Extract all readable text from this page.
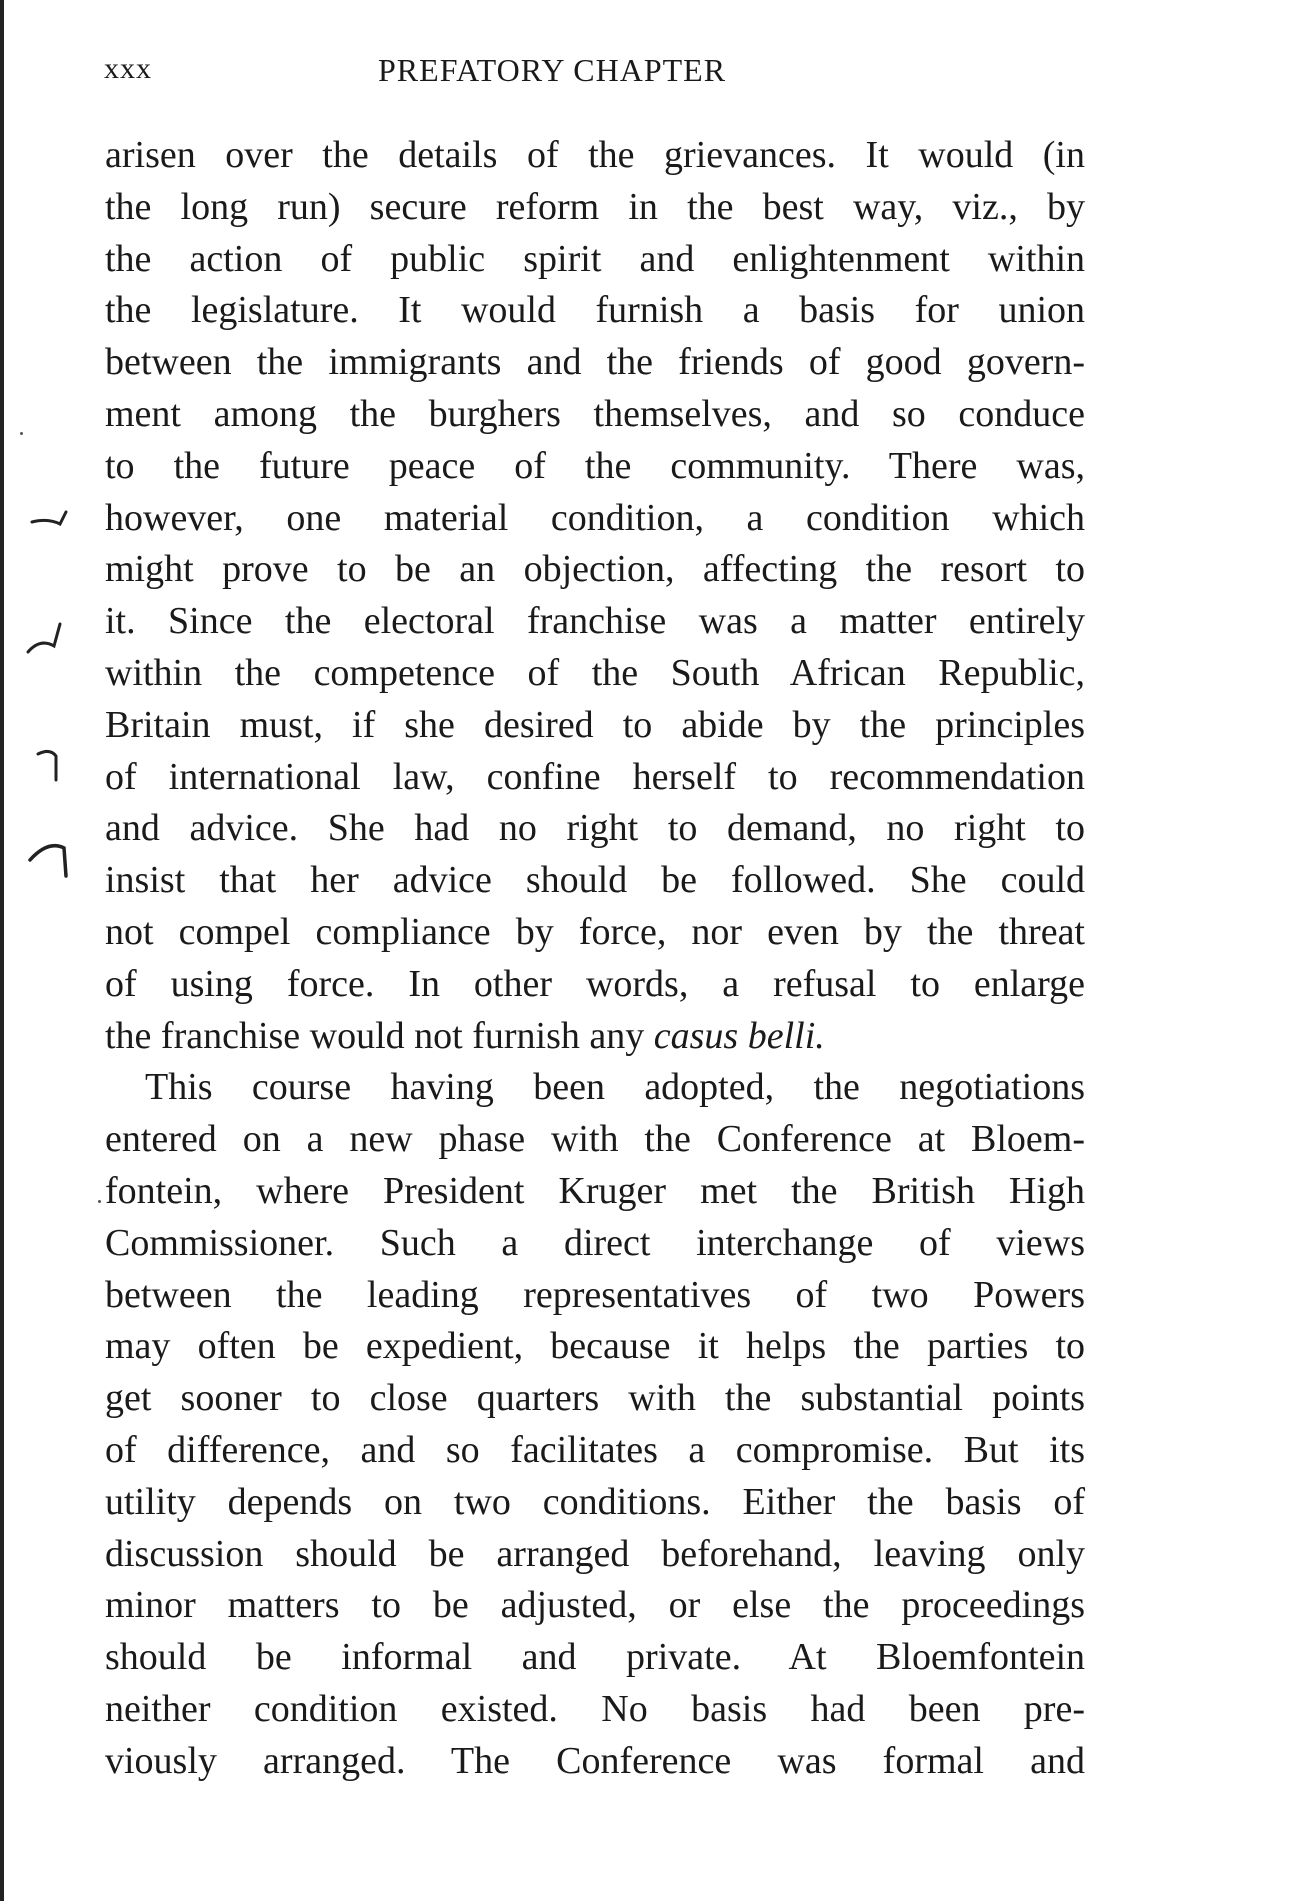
xxx	PREFATORY CHAPTER
arisen over the details of the grievances. It would (in
the long run) secure reform in the best way, viz., by
the action of public spirit and enlightenment within
the legislature. It would furnish a basis for union
between the immigrants and the friends of good govern-
ment among the burghers themselves, and so conduce
to the future peace of the community. There was,
however, one material condition, a condition which
might prove to be an objection, affecting the resort to
it. Since the electoral franchise was a matter entirely
within the competence of the South African Republic,
Britain must, if she desired to abide by the principles
of international law, confine herself to recommendation
and advice. She had no right to demand, no right to
insist that her advice should be followed. She could
not compel compliance by force, nor even by the threat
of using force. In other words, a refusal to enlarge
the franchise would not furnish any casus belli.
This course having been adopted, the negotiations
entered on a new phase with the Conference at Bloem-
fontein, where President Kruger met the British High
Commissioner. Such a direct interchange of views
between the leading representatives of two Powers
may often be expedient, because it helps the parties to
get sooner to close quarters with the substantial points
of difference, and so facilitates a compromise. But its
utility depends on two conditions. Either the basis of
discussion should be arranged beforehand, leaving only
minor matters to be adjusted, or else the proceedings
should be informal and private. At Bloemfontein
neither condition existed. No basis had been pre-
viously arranged. The Conference was formal and
